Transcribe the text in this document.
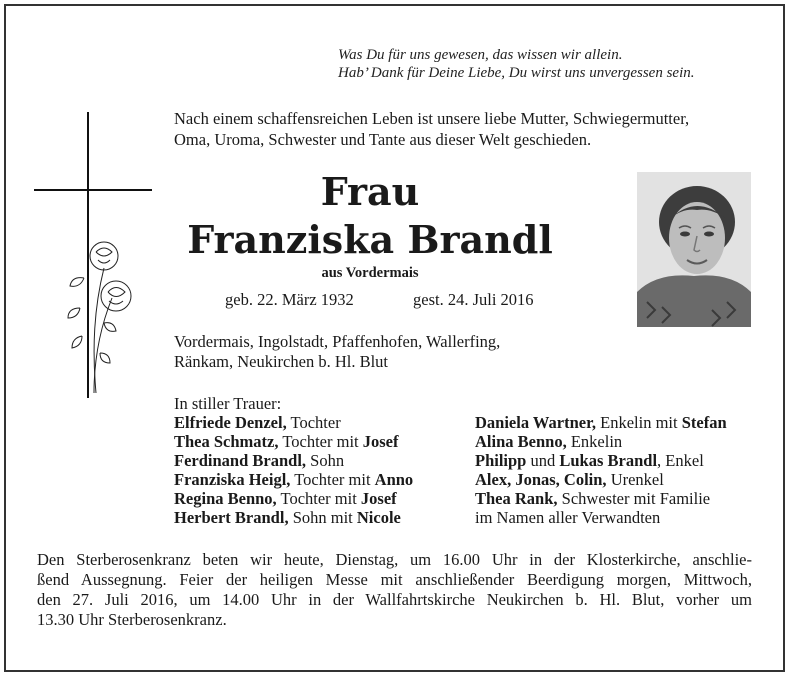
Was Du für uns gewesen, das wissen wir allein.
Hab’ Dank für Deine Liebe, Du wirst uns unvergessen sein.
Nach einem schaffensreichen Leben ist unsere liebe Mutter, Schwiegermutter,
Oma, Uroma, Schwester und Tante aus dieser Welt geschieden.
Frau
Franziska Brandl
aus Vordermais
geb. 22. März 1932	gest. 24. Juli 2016
Vordermais, Ingolstadt, Pfaffenhofen, Wallerfing,
Ränkam, Neukirchen b. Hl. Blut
In stiller Trauer:
Elfriede Denzel, Tochter
Thea Schmatz, Tochter mit Josef
Ferdinand Brandl, Sohn
Franziska Heigl, Tochter mit Anno
Regina Benno, Tochter mit Josef
Herbert Brandl, Sohn mit Nicole
Daniela Wartner, Enkelin mit Stefan
Alina Benno, Enkelin
Philipp und Lukas Brandl, Enkel
Alex, Jonas, Colin, Urenkel
Thea Rank, Schwester mit Familie
im Namen aller Verwandten
Den Sterberosenkranz beten wir heute, Dienstag, um 16.00 Uhr in der Klosterkirche, anschlie-
ßend Aussegnung. Feier der heiligen Messe mit anschließender Beerdigung morgen, Mittwoch,
den 27. Juli 2016, um 14.00 Uhr in der Wallfahrtskirche Neukirchen b. Hl. Blut, vorher um
13.30 Uhr Sterberosenkranz.
